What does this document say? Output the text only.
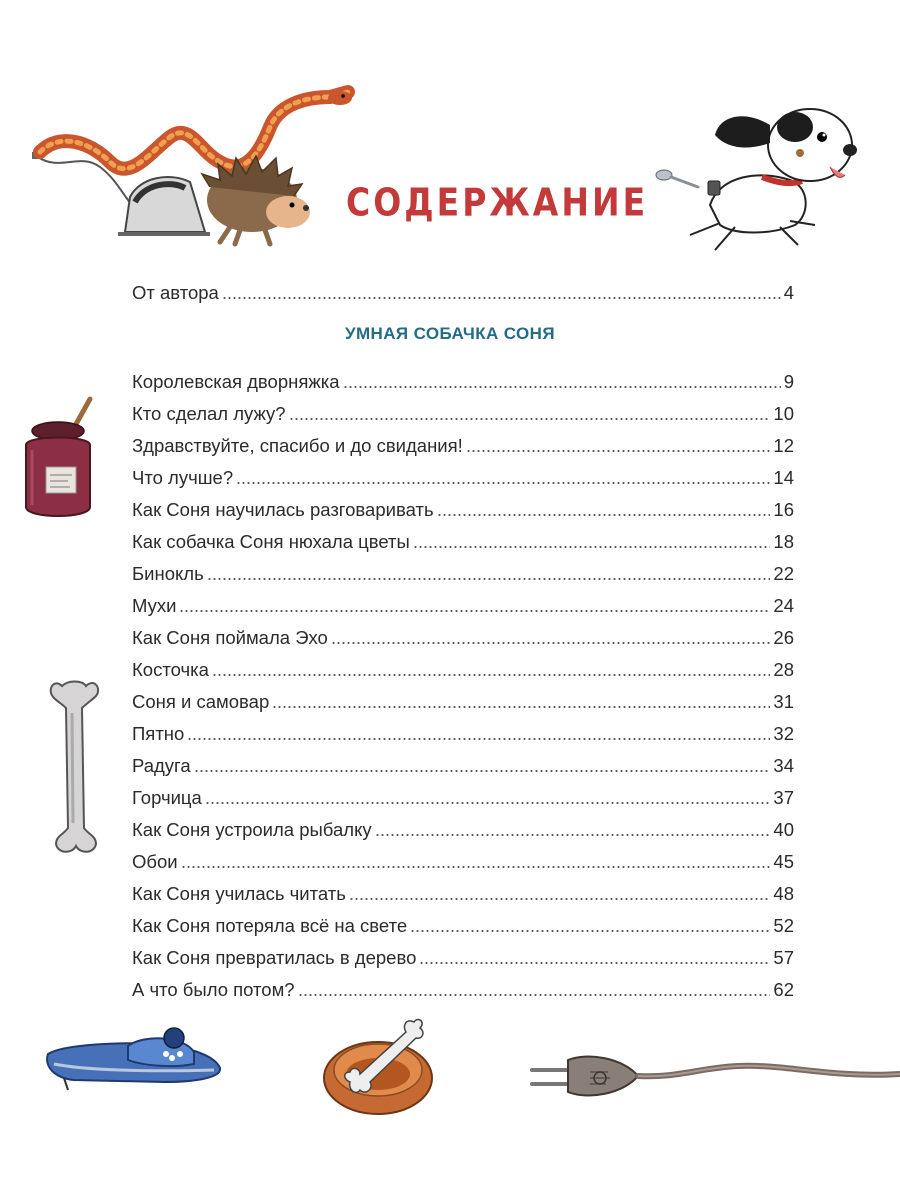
СОДЕРЖАНИЕ
От автора	4
УМНАЯ СОБАЧКА СОНЯ
Королевская дворняжка	9
Кто сделал лужу?	10
Здравствуйте, спасибо и до свидания!	12
Что лучше?	14
Как Соня научилась разговаривать	16
Как собачка Соня нюхала цветы	18
Бинокль	22
Мухи	24
Как Соня поймала Эхо	26
Косточка	28
Соня и самовар	31
Пятно	32
Радуга	34
Горчица	37
Как Соня устроила рыбалку	40
Обои	45
Как Соня училась читать	48
Как Соня потеряла всё на свете	52
Как Соня превратилась в дерево	57
А что было потом?	62
